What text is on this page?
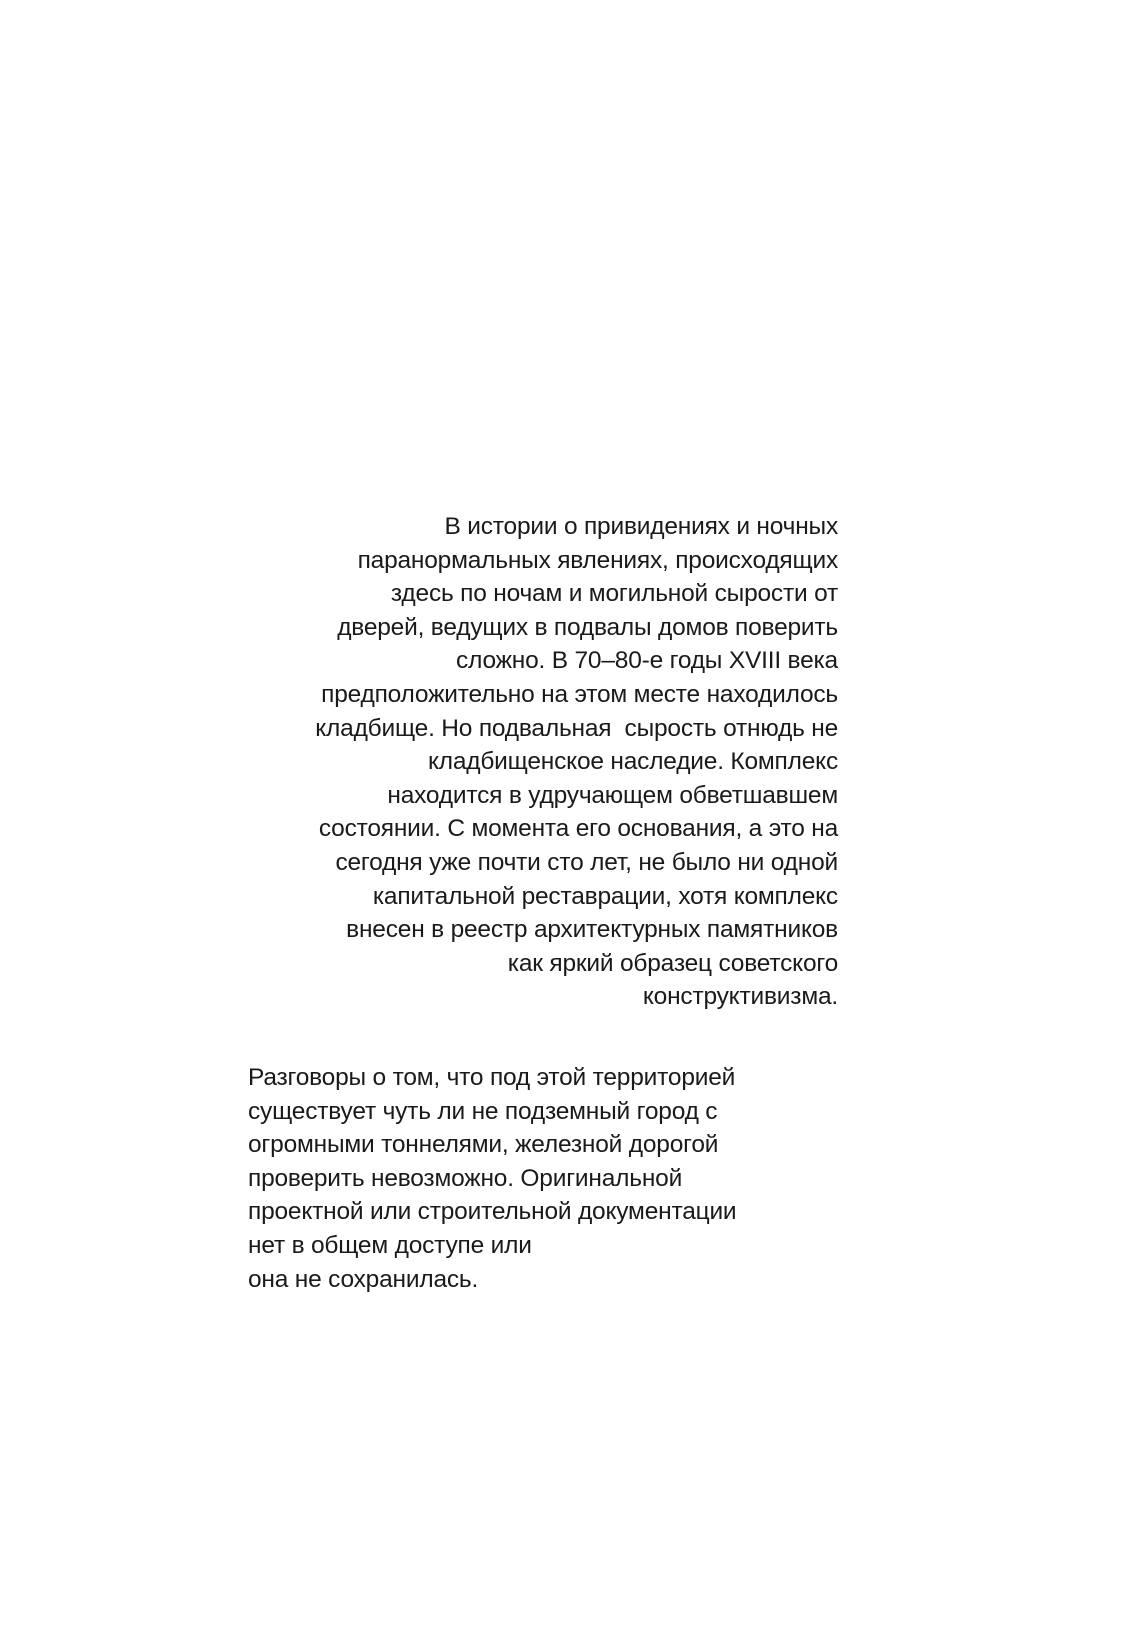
В истории о привидениях и ночных
паранормальных явлениях, происходящих
здесь по ночам и могильной сырости от
дверей, ведущих в подвалы домов поверить
сложно. В 70–80-е годы XVIII века
предположительно на этом месте находилось
кладбище. Но подвальная  сырость отнюдь не
кладбищенское наследие. Комплекс
находится в удручающем обветшавшем
состоянии. С момента его основания, а это на
сегодня уже почти сто лет, не было ни одной
капитальной реставрации, хотя комплекс
внесен в реестр архитектурных памятников
как яркий образец советского
конструктивизма.

Разговоры о том, что под этой территорией
существует чуть ли не подземный город с
огромными тоннелями, железной дорогой
проверить невозможно. Оригинальной
проектной или строительной документации
нет в общем доступе или
она не сохранилась.
